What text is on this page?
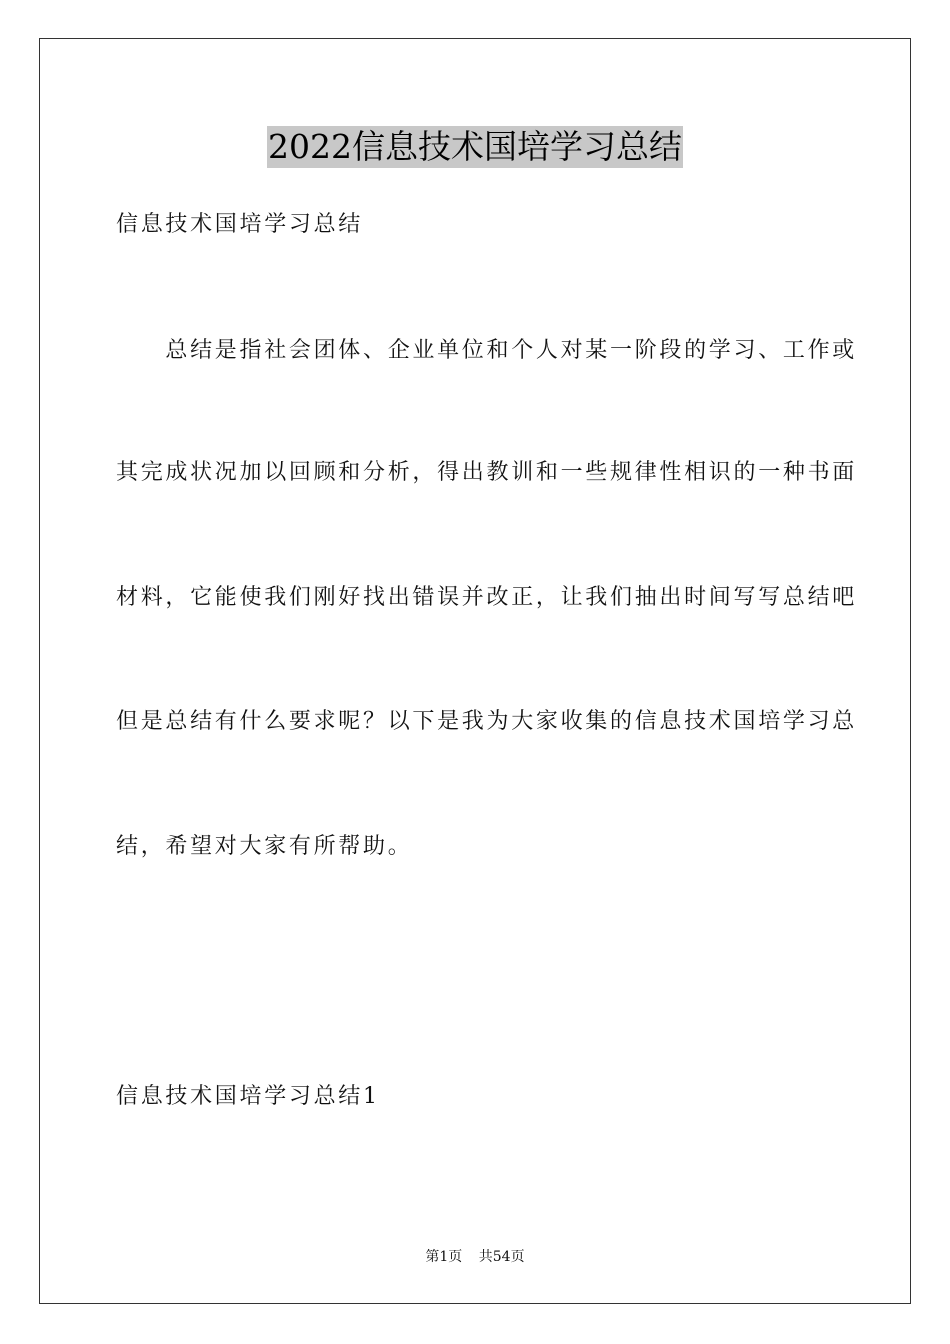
2022信息技术国培学习总结
信息技术国培学习总结
　　总结是指社会团体、企业单位和个人对某一阶段的学习、工作或
其完成状况加以回顾和分析，得出教训和一些规律性相识的一种书面
材料，它能使我们刚好找出错误并改正，让我们抽出时间写写总结吧
但是总结有什么要求呢？以下是我为大家收集的信息技术国培学习总
结，希望对大家有所帮助。
信息技术国培学习总结1
第1页 共54页
